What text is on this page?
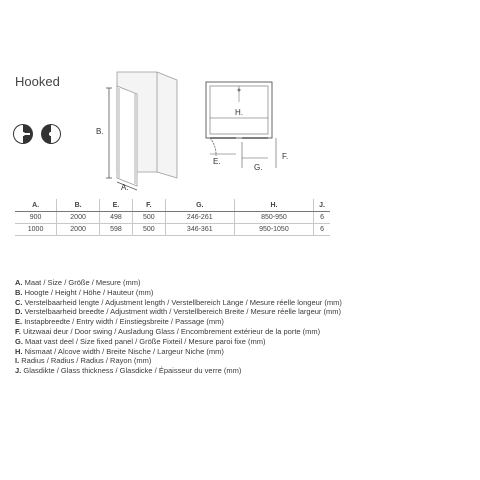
Hooked
B.
A.
H.
E.
G.
F.
A.	B.	E.	F.	G.	H.	J.
900	2000	498	500	246-261	850-950	6
1000	2000	598	500	346-361	950-1050	6
A. Maat / Size / Größe / Mesure (mm)
B. Hoogte / Height / Höhe / Hauteur (mm)
C. Verstelbaarheid lengte / Adjustment length / Verstellbereich Länge / Mesure réelle longeur (mm)
D. Verstelbaarheid breedte / Adjustment width / Verstellbereich Breite / Mesure réelle largeur (mm)
E. Instapbreedte / Entry width / Einstiegsbreite / Passage (mm)
F. Uitzwaai deur / Door swing / Ausladung Glass / Encombrement extérieur de la porte (mm)
G. Maat vast deel / Size fixed panel / Größe Fixteil / Mesure paroi fixe (mm)
H. Nismaat / Alcove width / Breite Nische / Largeur Niche (mm)
I. Radius / Radius / Radius / Rayon (mm)
J. Glasdikte / Glass thickness / Glasdicke / Épaisseur du verre (mm)
